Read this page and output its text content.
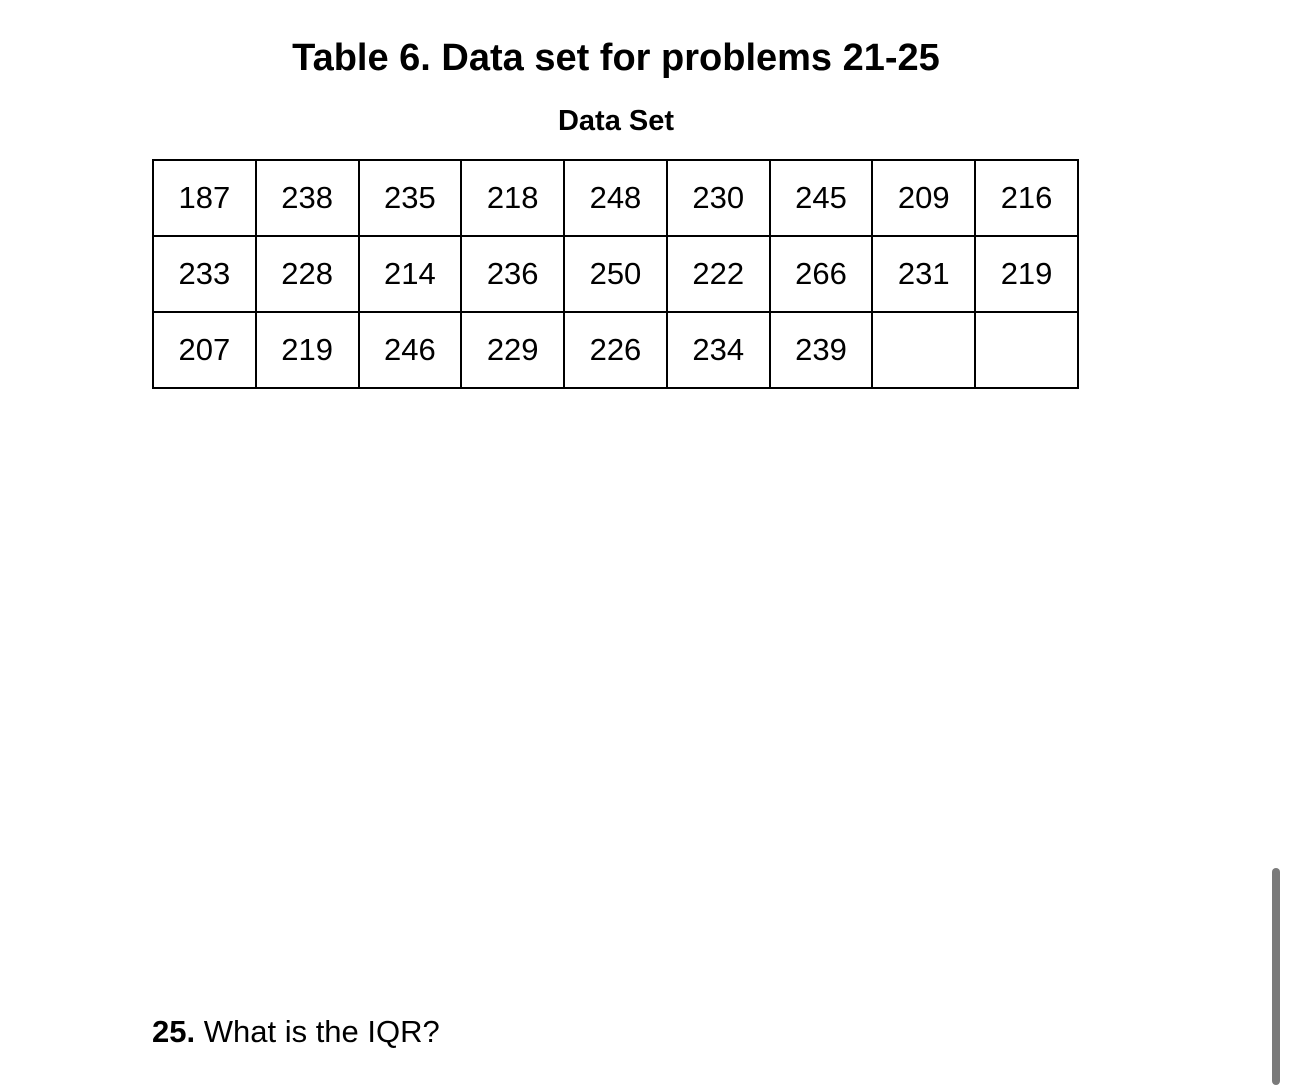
Table 6. Data set for problems 21-25
Data Set
187	238	235	218	248	230	245	209	216
233	228	214	236	250	222	266	231	219
207	219	246	229	226	234	239		

25. What is the IQR?
